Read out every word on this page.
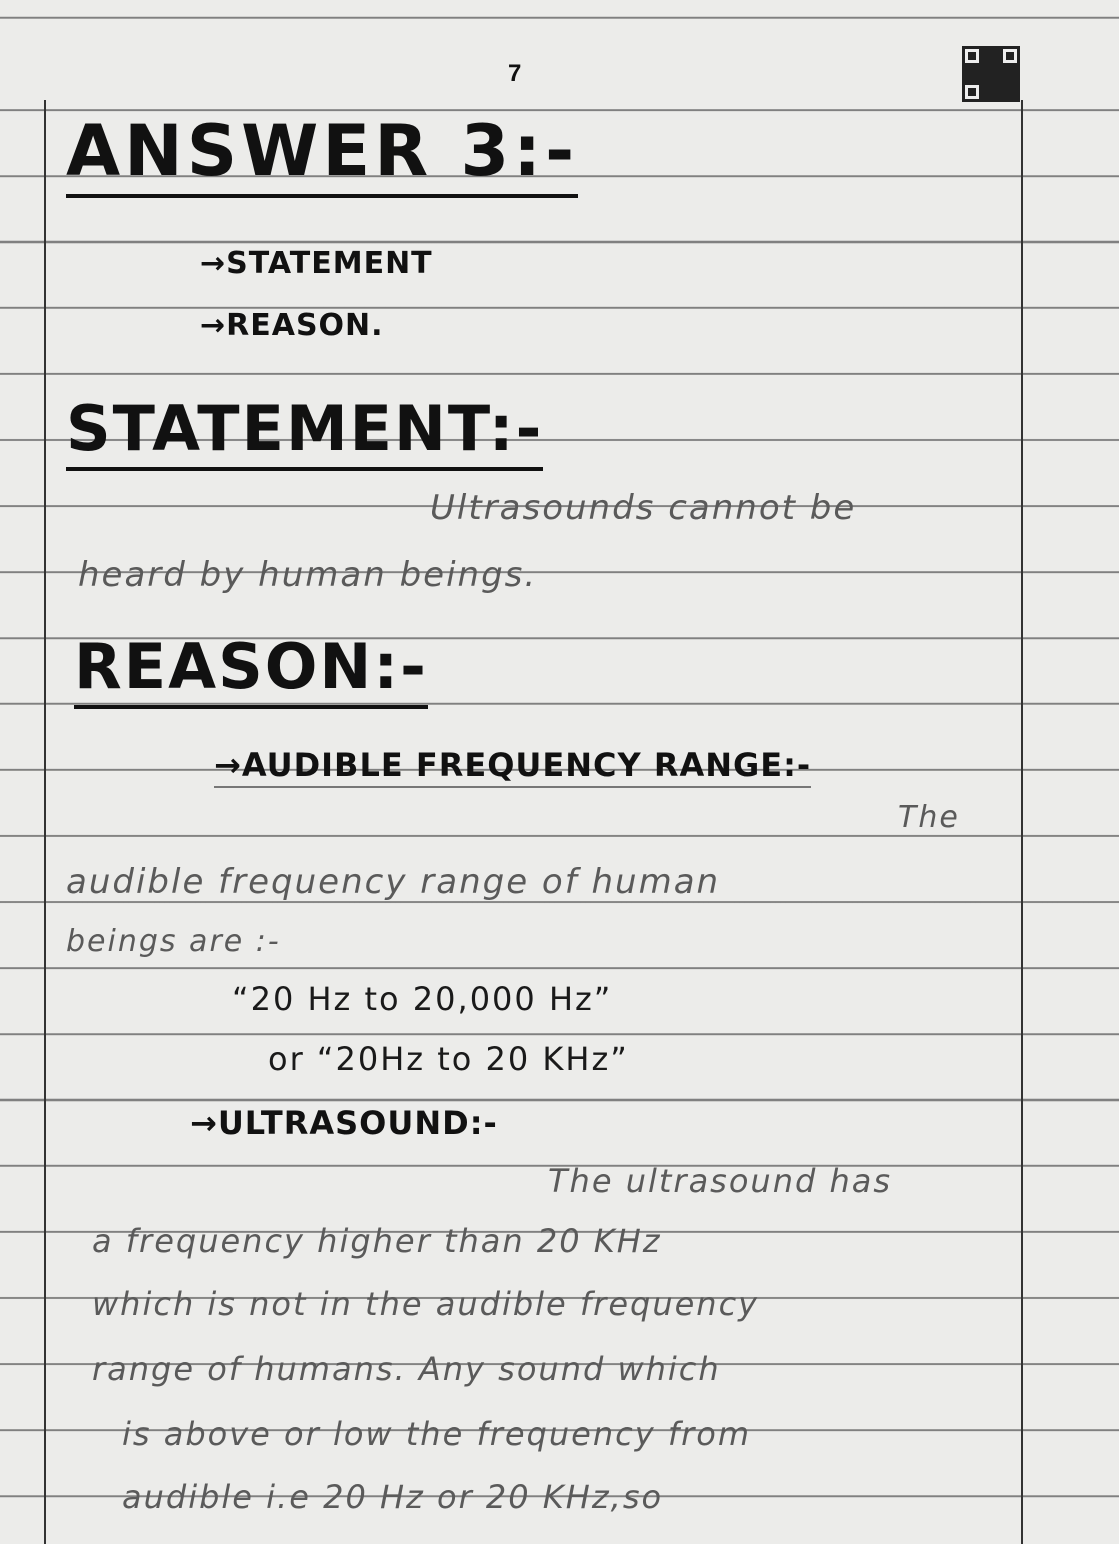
7
ANSWER 3:-
→STATEMENT
→REASON.
STATEMENT:-
Ultrasounds cannot be
heard by human beings.
REASON:-
→AUDIBLE FREQUENCY RANGE:-
The
audible frequency range of human
beings are :-
“20 Hz to 20,000 Hz”
or “20Hz to 20 KHz”
→ULTRASOUND:-
The ultrasound has
a frequency higher than 20 KHz
which is not in the audible frequency
range of humans. Any sound which
is above or low the frequency from
audible i.e 20 Hz or 20 KHz,so
